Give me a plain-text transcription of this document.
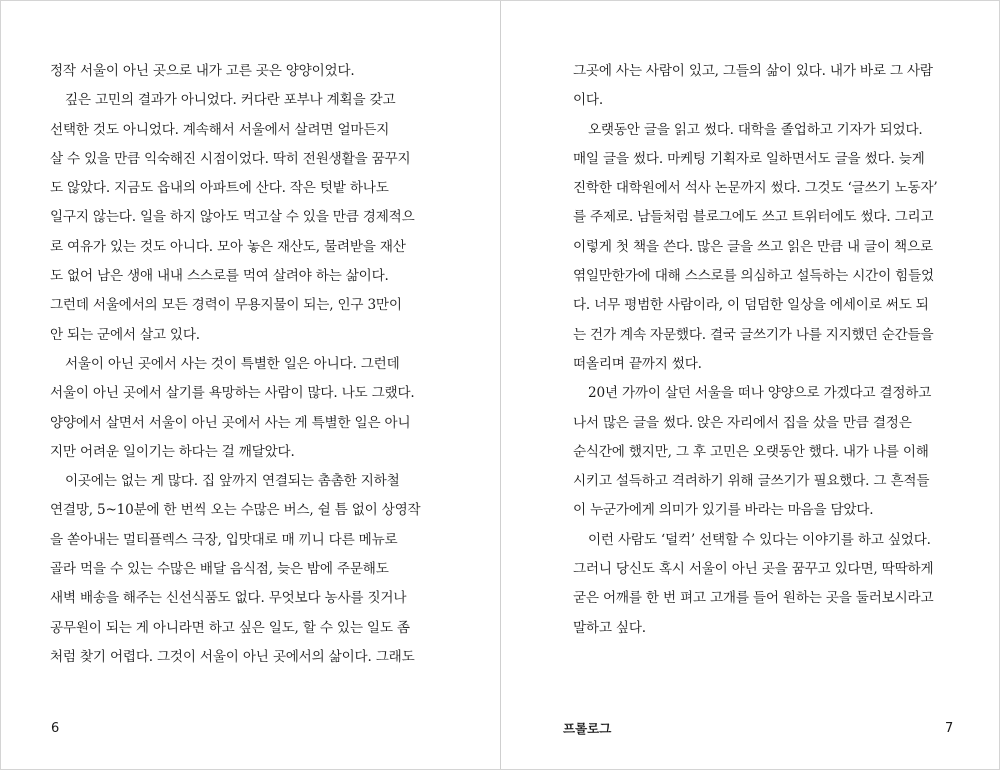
정작 서울이 아닌 곳으로 내가 고른 곳은 양양이었다.
깊은 고민의 결과가 아니었다. 커다란 포부나 계획을 갖고
선택한 것도 아니었다. 계속해서 서울에서 살려면 얼마든지
살 수 있을 만큼 익숙해진 시점이었다. 딱히 전원생활을 꿈꾸지
도 않았다. 지금도 읍내의 아파트에 산다. 작은 텃밭 하나도
일구지 않는다. 일을 하지 않아도 먹고살 수 있을 만큼 경제적으
로 여유가 있는 것도 아니다. 모아 놓은 재산도, 물려받을 재산
도 없어 남은 생애 내내 스스로를 먹여 살려야 하는 삶이다.
그런데 서울에서의 모든 경력이 무용지물이 되는, 인구 3만이
안 되는 군에서 살고 있다.
서울이 아닌 곳에서 사는 것이 특별한 일은 아니다. 그런데
서울이 아닌 곳에서 살기를 욕망하는 사람이 많다. 나도 그랬다.
양양에서 살면서 서울이 아닌 곳에서 사는 게 특별한 일은 아니
지만 어려운 일이기는 하다는 걸 깨달았다.
이곳에는 없는 게 많다. 집 앞까지 연결되는 촘촘한 지하철
연결망, 5~10분에 한 번씩 오는 수많은 버스, 쉴 틈 없이 상영작
을 쏟아내는 멀티플렉스 극장, 입맛대로 매 끼니 다른 메뉴로
골라 먹을 수 있는 수많은 배달 음식점, 늦은 밤에 주문해도
새벽 배송을 해주는 신선식품도 없다. 무엇보다 농사를 짓거나
공무원이 되는 게 아니라면 하고 싶은 일도, 할 수 있는 일도 좀
처럼 찾기 어렵다. 그것이 서울이 아닌 곳에서의 삶이다. 그래도
6
그곳에 사는 사람이 있고, 그들의 삶이 있다. 내가 바로 그 사람
이다.
오랫동안 글을 읽고 썼다. 대학을 졸업하고 기자가 되었다.
매일 글을 썼다. 마케팅 기획자로 일하면서도 글을 썼다. 늦게
진학한 대학원에서 석사 논문까지 썼다. 그것도 ‘글쓰기 노동자’
를 주제로. 남들처럼 블로그에도 쓰고 트위터에도 썼다. 그리고
이렇게 첫 책을 쓴다. 많은 글을 쓰고 읽은 만큼 내 글이 책으로
엮일만한가에 대해 스스로를 의심하고 설득하는 시간이 힘들었
다. 너무 평범한 사람이라, 이 덤덤한 일상을 에세이로 써도 되
는 건가 계속 자문했다. 결국 글쓰기가 나를 지지했던 순간들을
떠올리며 끝까지 썼다.
20년 가까이 살던 서울을 떠나 양양으로 가겠다고 결정하고
나서 많은 글을 썼다. 앉은 자리에서 집을 샀을 만큼 결정은
순식간에 했지만, 그 후 고민은 오랫동안 했다. 내가 나를 이해
시키고 설득하고 격려하기 위해 글쓰기가 필요했다. 그 흔적들
이 누군가에게 의미가 있기를 바라는 마음을 담았다.
이런 사람도 ‘덜컥’ 선택할 수 있다는 이야기를 하고 싶었다.
그러니 당신도 혹시 서울이 아닌 곳을 꿈꾸고 있다면, 딱딱하게
굳은 어깨를 한 번 펴고 고개를 들어 원하는 곳을 둘러보시라고
말하고 싶다.
프롤로그	7
